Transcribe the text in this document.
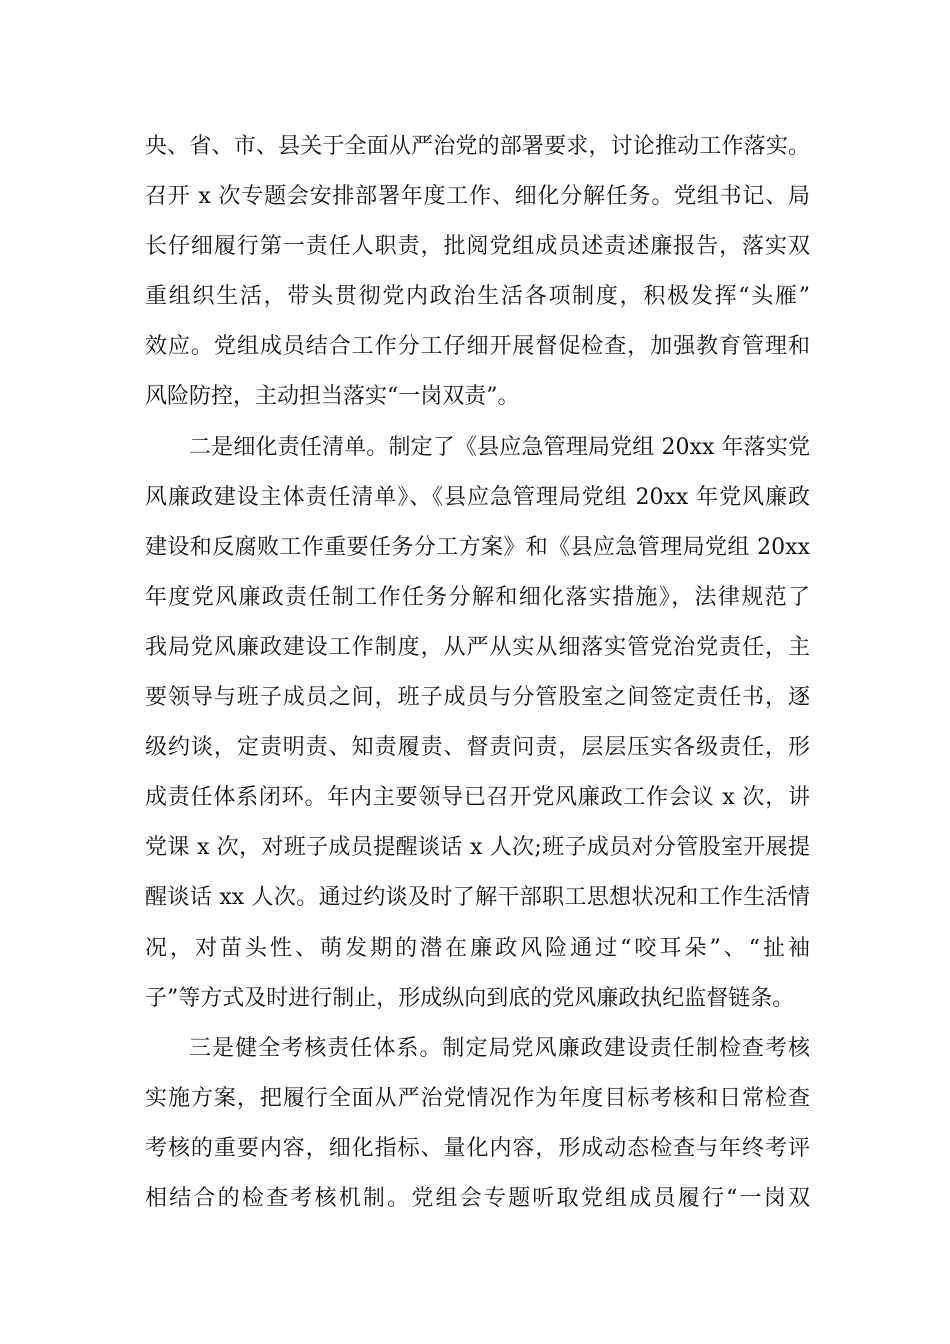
央、省、市、县关于全面从严治党的部署要求，讨论推动工作落实。
召开 x 次专题会安排部署年度工作、细化分解任务。党组书记、局
长仔细履行第一责任人职责，批阅党组成员述责述廉报告，落实双
重组织生活，带头贯彻党内政治生活各项制度，积极发挥“头雁”
效应。党组成员结合工作分工仔细开展督促检查，加强教育管理和
风险防控，主动担当落实“一岗双责”。
二是细化责任清单。制定了《县应急管理局党组 20xx 年落实党
风廉政建设主体责任清单》、《县应急管理局党组 20xx 年党风廉政
建设和反腐败工作重要任务分工方案》和《县应急管理局党组 20xx
年度党风廉政责任制工作任务分解和细化落实措施》，法律规范了
我局党风廉政建设工作制度，从严从实从细落实管党治党责任，主
要领导与班子成员之间，班子成员与分管股室之间签定责任书，逐
级约谈，定责明责、知责履责、督责问责，层层压实各级责任，形
成责任体系闭环。年内主要领导已召开党风廉政工作会议 x 次，讲
党课 x 次，对班子成员提醒谈话 x 人次;班子成员对分管股室开展提
醒谈话 xx 人次。通过约谈及时了解干部职工思想状况和工作生活情
况，对苗头性、萌发期的潜在廉政风险通过“咬耳朵”、“扯袖
子”等方式及时进行制止，形成纵向到底的党风廉政执纪监督链条。
三是健全考核责任体系。制定局党风廉政建设责任制检查考核
实施方案，把履行全面从严治党情况作为年度目标考核和日常检查
考核的重要内容，细化指标、量化内容，形成动态检查与年终考评
相结合的检查考核机制。党组会专题听取党组成员履行“一岗双
